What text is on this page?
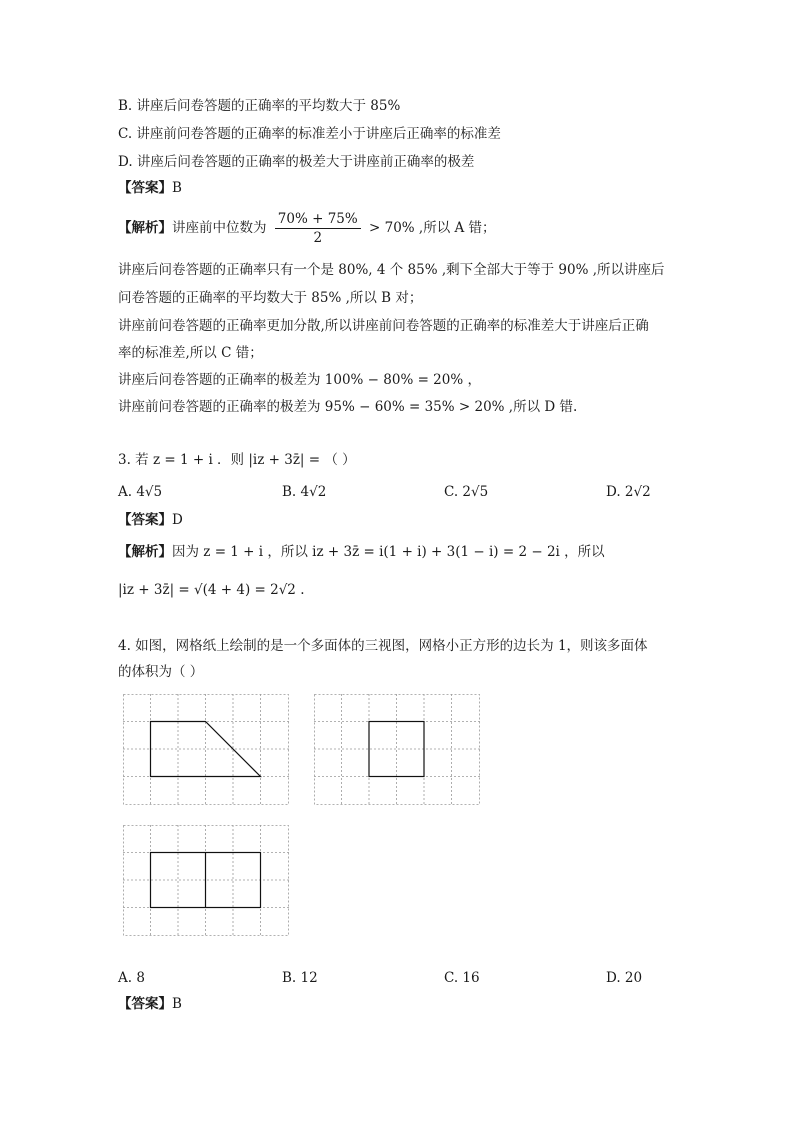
B. 讲座后问卷答题的正确率的平均数大于 85%
C. 讲座前问卷答题的正确率的标准差小于讲座后正确率的标准差
D. 讲座后问卷答题的正确率的极差大于讲座前正确率的极差
【答案】B
【解析】讲座前中位数为 $\frac{70\% + 75\%}{2} > 70\%$ ,所以 A 错；
讲座后问卷答题的正确率只有一个是 80%, 4 个 85% ,剩下全部大于等于 90% ,所以讲座后
问卷答题的正确率的平均数大于 85% ,所以 B 对；
讲座前问卷答题的正确率更加分散,所以讲座前问卷答题的正确率的标准差大于讲座后正确
率的标准差,所以 C 错；
讲座后问卷答题的正确率的极差为 100% − 80% = 20% ，
讲座前问卷答题的正确率的极差为 95% − 60% = 35% > 20% ,所以 D 错.
3. 若 z = 1 + i ．则 |iz + 3z̄| = （ ）
A. 4√5	B. 4√2	C. 2√5	D. 2√2
【答案】D
【解析】因为 z = 1 + i ，所以 iz + 3z̄ = i(1 + i) + 3(1 − i) = 2 − 2i ，所以
|iz + 3z̄| = √(4 + 4) = 2√2 .
4. 如图，网格纸上绘制的是一个多面体的三视图，网格小正方形的边长为 1，则该多面体
的体积为（ ）
A. 8	B. 12	C. 16	D. 20
【答案】B
